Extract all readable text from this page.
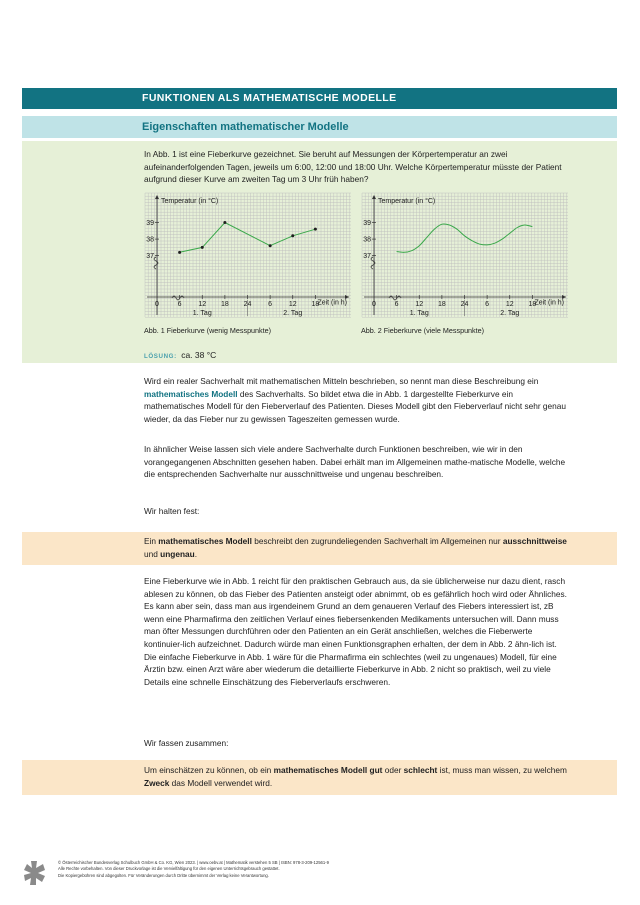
FUNKTIONEN ALS MATHEMATISCHE MODELLE
Eigenschaften mathematischer Modelle
In Abb. 1 ist eine Fieberkurve gezeichnet. Sie beruht auf Messungen der Körpertemperatur an zwei aufeinanderfolgenden Tagen, jeweils um 6:00, 12:00 und 18:00 Uhr. Welche Körpertemperatur müsste der Patient aufgrund dieser Kurve am zweiten Tag um 3 Uhr früh haben?
Temperatur (in °C)
Zeit (in h)
0
39
38
37
6 12 18 24 6 12 18
1. Tag	2. Tag
Temperatur (in °C)
Zeit (in h)
0
39
38
37
6 12 18 24 6 12 18
1. Tag	2. Tag
Abb. 1 Fieberkurve (wenig Messpunkte)	Abb. 2 Fieberkurve (viele Messpunkte)
LÖSUNG: ca. 38 °C
Wird ein realer Sachverhalt mit mathematischen Mitteln beschrieben, so nennt man diese Beschreibung ein mathematisches Modell des Sachverhalts. So bildet etwa die in Abb. 1 dargestellte Fieberkurve ein mathematisches Modell für den Fieberverlauf des Patienten. Dieses Modell gibt den Fieberverlauf nicht sehr genau wieder, da das Fieber nur zu gewissen Tageszeiten gemessen wurde.
In ähnlicher Weise lassen sich viele andere Sachverhalte durch Funktionen beschreiben, wie wir in den vorangegangenen Abschnitten gesehen haben. Dabei erhält man im Allgemeinen mathe-matische Modelle, welche die entsprechenden Sachverhalte nur ausschnittweise und ungenau beschreiben.
Wir halten fest:
Ein mathematisches Modell beschreibt den zugrundeliegenden Sachverhalt im Allgemeinen nur ausschnittweise und ungenau.
Eine Fieberkurve wie in Abb. 1 reicht für den praktischen Gebrauch aus, da sie üblicherweise nur dazu dient, rasch ablesen zu können, ob das Fieber des Patienten ansteigt oder abnimmt, ob es gefährlich hoch wird oder Ähnliches. Es kann aber sein, dass man aus irgendeinem Grund an dem genaueren Verlauf des Fiebers interessiert ist, zB wenn eine Pharmafirma den zeitlichen Verlauf eines fiebersenkenden Medikaments untersuchen will. Dann muss man öfter Messungen durchführen oder den Patienten an ein Gerät anschließen, welches die Fieberwerte kontinuier-lich aufzeichnet. Dadurch würde man einen Funktionsgraphen erhalten, der dem in Abb. 2 ähn-lich ist. Die einfache Fieberkurve in Abb. 1 wäre für die Pharmafirma ein schlechtes (weil zu ungenaues) Modell, für eine Ärztin bzw. einen Arzt wäre aber wiederum die detaillierte Fieberkurve in Abb. 2 nicht so praktisch, weil zu viele Details eine schnelle Einschätzung des Fieberverlaufs erschweren.
Wir fassen zusammen:
Um einschätzen zu können, ob ein mathematisches Modell gut oder schlecht ist, muss man wissen, zu welchem Zweck das Modell verwendet wird.
© Österreichischer Bundesverlag Schulbuch GmbH & Co. KG, Wien 2023. | www.oebv.at | Mathematik verstehen 5 SB | ISBN: 978-3-209-12561-9
Alle Rechte vorbehalten. Von dieser Druckvorlage ist die Vervielfältigung für den eigenen Unterrichtsgebrauch gestattet.
Die Kopiergebühren sind abgegolten. Für Veränderungen durch Dritte übernimmt der Verlag keine Verantwortung.
